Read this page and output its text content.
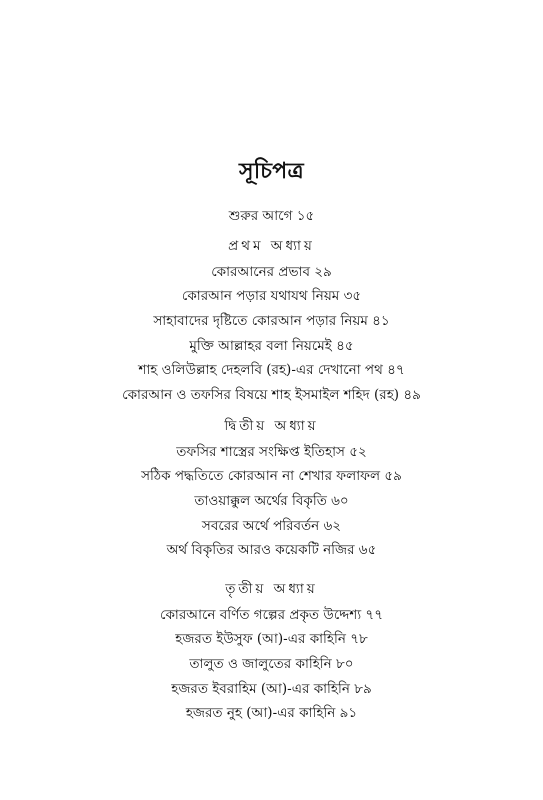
সূচিপত্র
শুরুর আগে ১৫
প্রথম অধ্যায়
কোরআনের প্রভাব ২৯
কোরআন পড়ার যথাযথ নিয়ম ৩৫
সাহাবাদের দৃষ্টিতে কোরআন পড়ার নিয়ম ৪১
মুক্তি আল্লাহর বলা নিয়মেই ৪৫
শাহ ওলিউল্লাহ দেহলবি (রহ)-এর দেখানো পথ ৪৭
কোরআন ও তফসির বিষয়ে শাহ ইসমাইল শহিদ (রহ) ৪৯
দ্বিতীয় অধ্যায়
তফসির শাস্ত্রের সংক্ষিপ্ত ইতিহাস ৫২
সঠিক পদ্ধতিতে কোরআন না শেখার ফলাফল ৫৯
তাওয়াক্কুল অর্থের বিকৃতি ৬০
সবরের অর্থে পরিবর্তন ৬২
অর্থ বিকৃতির আরও কয়েকটি নজির ৬৫
তৃতীয় অধ্যায়
কোরআনে বর্ণিত গল্পের প্রকৃত উদ্দেশ্য ৭৭
হজরত ইউসুফ (আ)-এর কাহিনি ৭৮
তালুত ও জালুতের কাহিনি ৮০
হজরত ইবরাহিম (আ)-এর কাহিনি ৮৯
হজরত নুহ (আ)-এর কাহিনি ৯১
